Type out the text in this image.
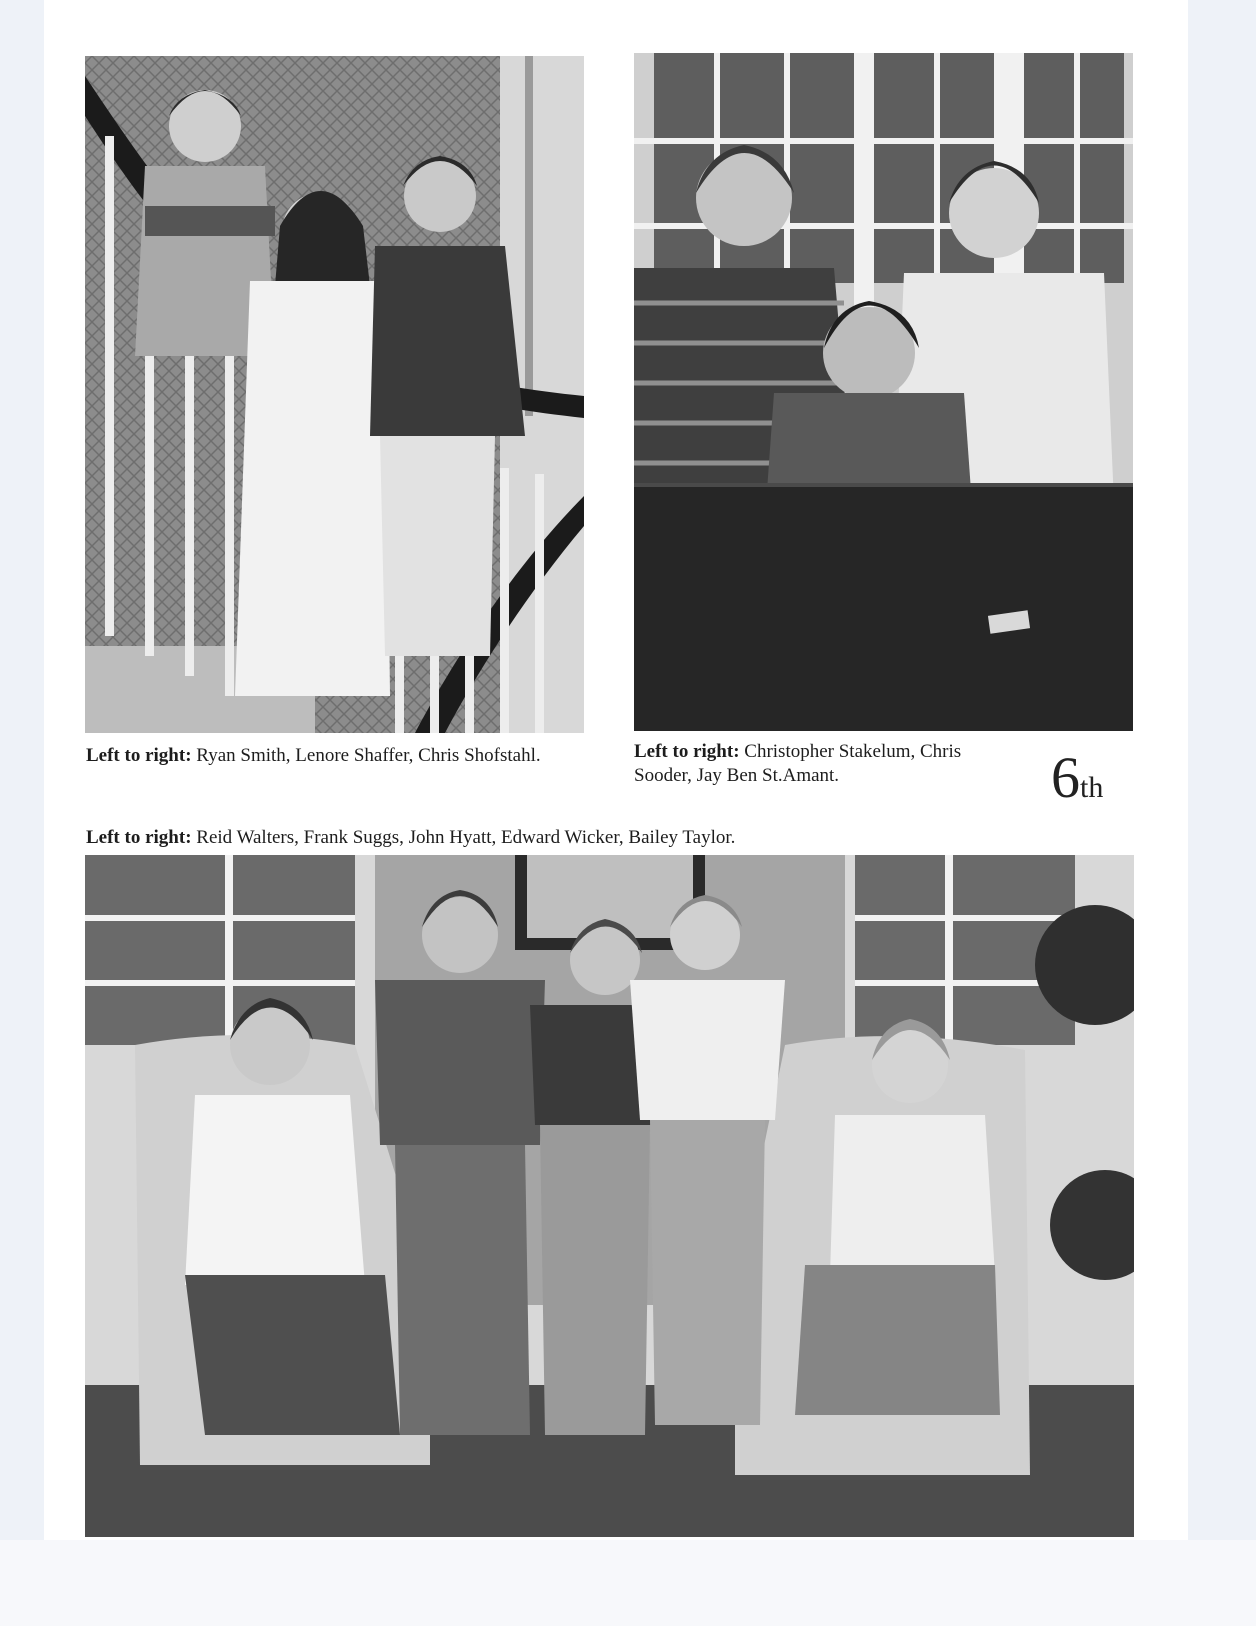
Left to right: Ryan Smith, Lenore Shaffer, Chris Shofstahl.	Left to right: Christopher Stakelum, Chris Sooder, Jay Ben St.Amant.
Left to right: Reid Walters, Frank Suggs, John Hyatt, Edward Wicker, Bailey Taylor.
6th
